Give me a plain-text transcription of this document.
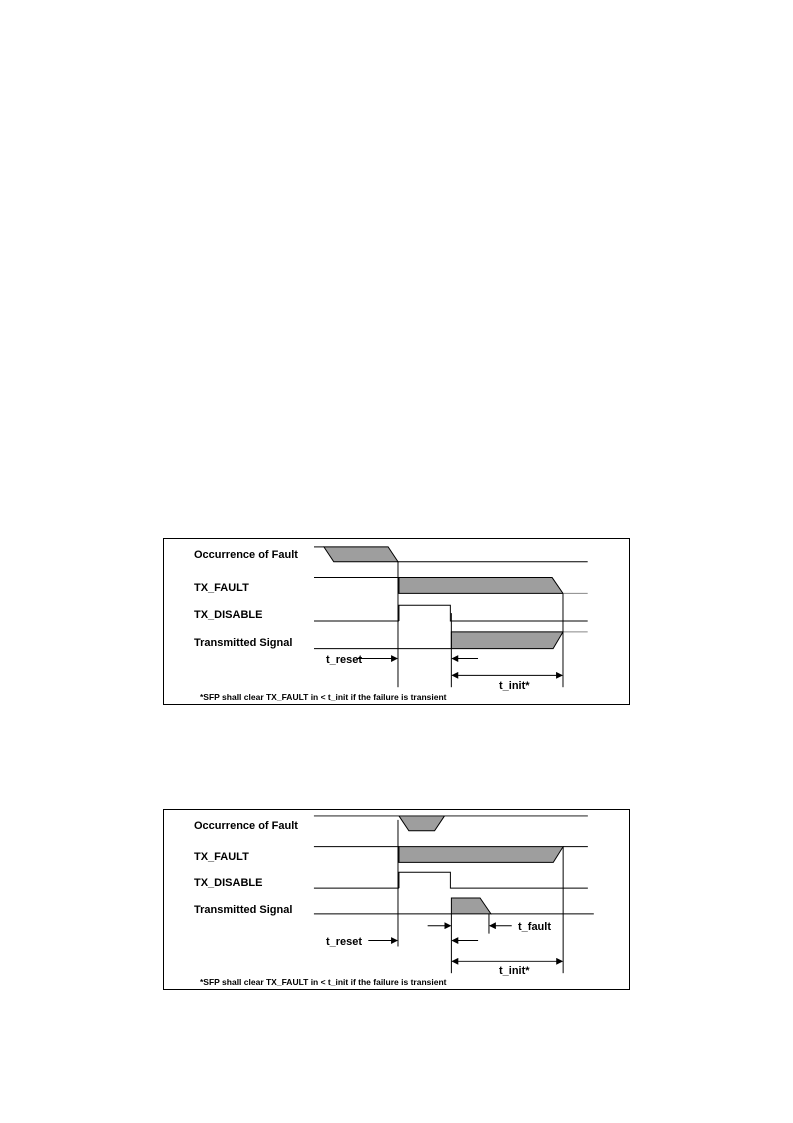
Occurrence of Fault
TX_FAULT
TX_DISABLE
Transmitted Signal
t_reset
t_init*
*SFP shall clear TX_FAULT in < t_init if the failure is transient
Occurrence of Fault
TX_FAULT
TX_DISABLE
Transmitted Signal
t_fault
t_reset
t_init*
*SFP shall clear TX_FAULT in < t_init if the failure is transient
